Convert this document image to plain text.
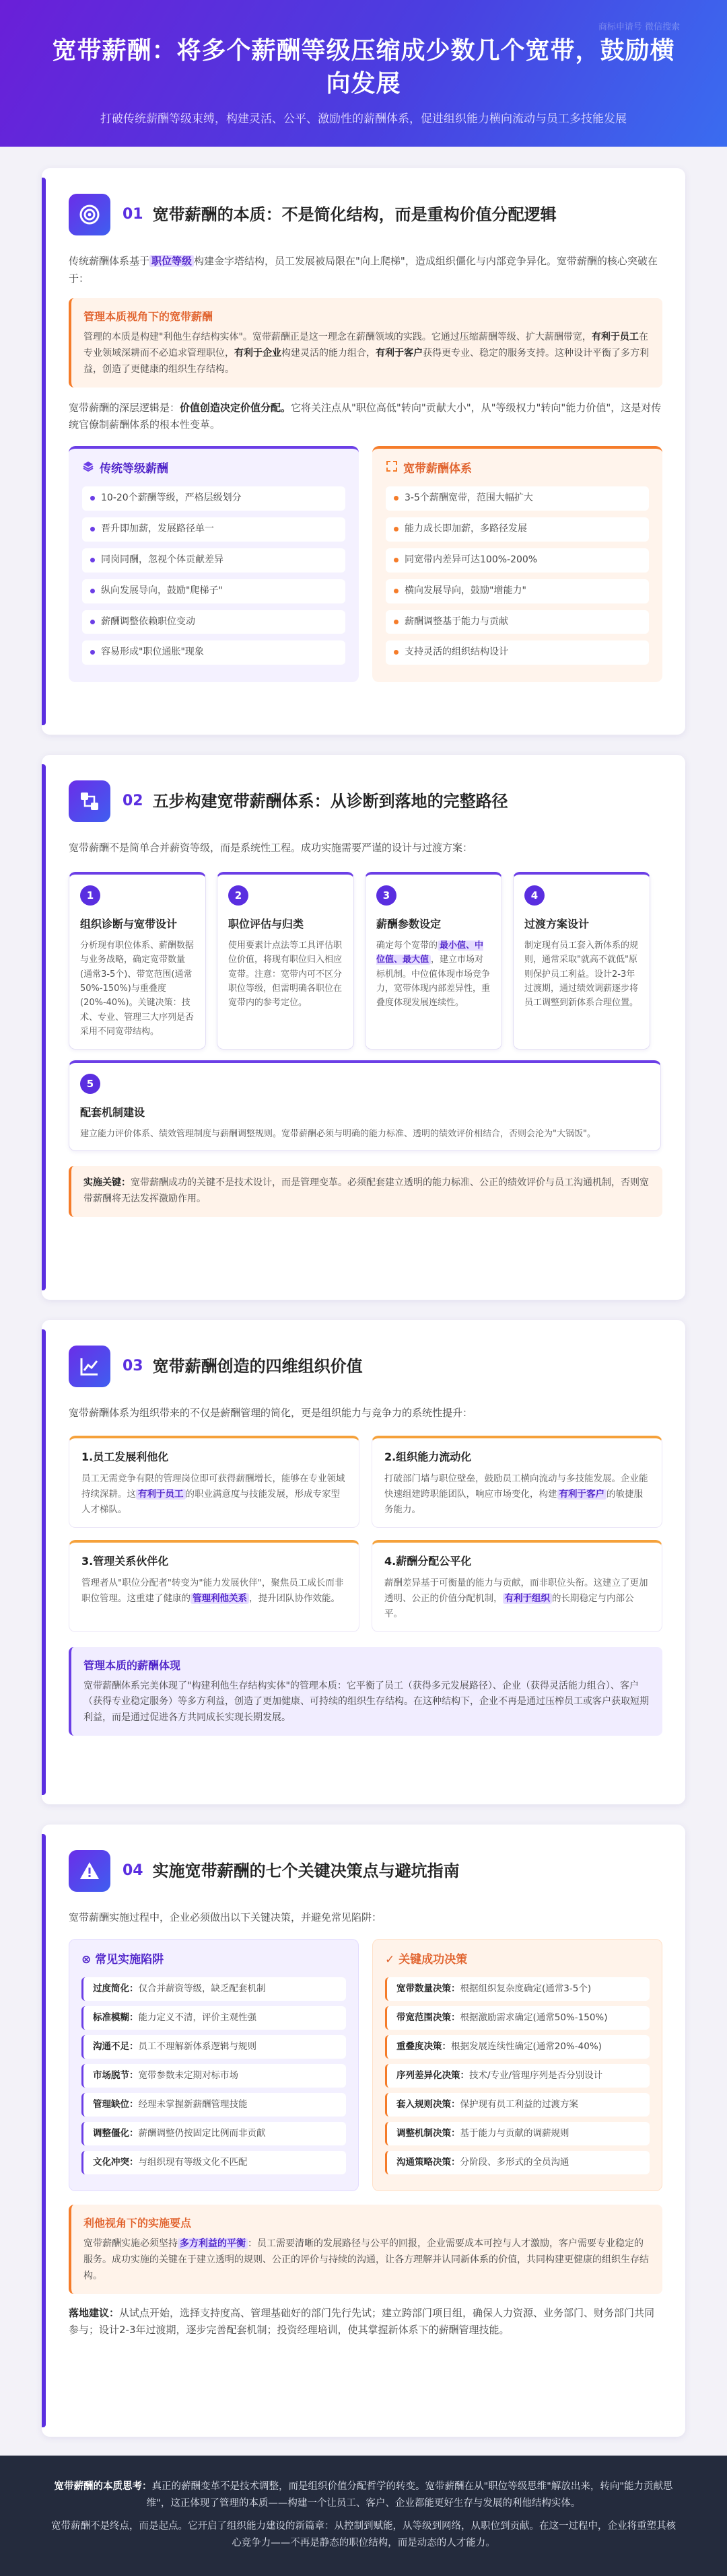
商标申请号 微信搜索
宽带薪酬：将多个薪酬等级压缩成少数几个宽带，鼓励横向发展
打破传统薪酬等级束缚，构建灵活、公平、激励性的薪酬体系，促进组织能力横向流动与员工多技能发展
01 宽带薪酬的本质：不是简化结构，而是重构价值分配逻辑

传统薪酬体系基于 职位等级 构建金字塔结构，员工发展被局限在"向上爬梯"，造成组织僵化与内部竞争异化。宽带薪酬的核心突破在于：

管理本质视角下的宽带薪酬

管理的本质是构建"利他生存结构实体"。宽带薪酬正是这一理念在薪酬领域的实践。它通过压缩薪酬等级、扩大薪酬带宽，有利于员工在专业领域深耕而不必追求管理职位，有利于企业构建灵活的能力组合，有利于客户获得更专业、稳定的服务支持。这种设计平衡了多方利益，创造了更健康的组织生存结构。

宽带薪酬的深层逻辑是：价值创造决定价值分配。它将关注点从"职位高低"转向"贡献大小"，从"等级权力"转向"能力价值"，这是对传统官僚制薪酬体系的根本性变革。

传统等级薪酬
10-20个薪酬等级，严格层级划分
晋升即加薪，发展路径单一
同岗同酬，忽视个体贡献差异
纵向发展导向，鼓励"爬梯子"
薪酬调整依赖职位变动
容易形成"职位通胀"现象
宽带薪酬体系
3-5个薪酬宽带，范围大幅扩大
能力成长即加薪，多路径发展
同宽带内差异可达100%-200%
横向发展导向，鼓励"增能力"
薪酬调整基于能力与贡献
支持灵活的组织结构设计
02 五步构建宽带薪酬体系：从诊断到落地的完整路径

宽带薪酬不是简单合并薪资等级，而是系统性工程。成功实施需要严谨的设计与过渡方案：

1
组织诊断与宽带设计

分析现有职位体系、薪酬数据与业务战略，确定宽带数量(通常3-5个)、带宽范围(通常50%-150%)与重叠度(20%-40%)。关键决策：技术、专业、管理三大序列是否采用不同宽带结构。

2
职位评估与归类

使用要素计点法等工具评估职位价值，将现有职位归入相应宽带。注意：宽带内可不区分职位等级，但需明确各职位在宽带内的参考定位。

3
薪酬参数设定

确定每个宽带的 最小值、中位值、最大值 ，建立市场对标机制。中位值体现市场竞争力，宽带体现内部差异性，重叠度体现发展连续性。

4
过渡方案设计

制定现有员工套入新体系的规则，通常采取"就高不就低"原则保护员工利益。设计2-3年过渡期，通过绩效调薪逐步将员工调整到新体系合理位置。

5
配套机制建设

建立能力评价体系、绩效管理制度与薪酬调整规则。宽带薪酬必须与明确的能力标准、透明的绩效评价相结合，否则会沦为"大锅饭"。

实施关键：宽带薪酬成功的关键不是技术设计，而是管理变革。必须配套建立透明的能力标准、公正的绩效评价与员工沟通机制，否则宽带薪酬将无法发挥激励作用。

03 宽带薪酬创造的四维组织价值

宽带薪酬体系为组织带来的不仅是薪酬管理的简化，更是组织能力与竞争力的系统性提升：

1.员工发展利他化

员工无需竞争有限的管理岗位即可获得薪酬增长，能够在专业领域持续深耕。这 有利于员工 的职业满意度与技能发展，形成专家型人才梯队。

2.组织能力流动化

打破部门墙与职位壁垒，鼓励员工横向流动与多技能发展。企业能快速组建跨职能团队，响应市场变化，构建 有利于客户 的敏捷服务能力。

3.管理关系伙伴化

管理者从"职位分配者"转变为"能力发展伙伴"，聚焦员工成长而非职位管理。这重建了健康的 管理利他关系 ，提升团队协作效能。

4.薪酬分配公平化

薪酬差异基于可衡量的能力与贡献，而非职位头衔。这建立了更加透明、公正的价值分配机制， 有利于组织 的长期稳定与内部公平。

管理本质的薪酬体现

宽带薪酬体系完美体现了"构建利他生存结构实体"的管理本质：它平衡了员工（获得多元发展路径）、企业（获得灵活能力组合）、客户（获得专业稳定服务）等多方利益，创造了更加健康、可持续的组织生存结构。在这种结构下，企业不再是通过压榨员工或客户获取短期利益，而是通过促进各方共同成长实现长期发展。

04 实施宽带薪酬的七个关键决策点与避坑指南

宽带薪酬实施过程中，企业必须做出以下关键决策，并避免常见陷阱：

⊗ 常见实施陷阱
过度简化：仅合并薪资等级，缺乏配套机制
标准模糊：能力定义不清，评价主观性强
沟通不足：员工不理解新体系逻辑与规则
市场脱节：宽带参数未定期对标市场
管理缺位：经理未掌握新薪酬管理技能
调整僵化：薪酬调整仍按固定比例而非贡献
文化冲突：与组织现有等级文化不匹配
✓ 关键成功决策
宽带数量决策：根据组织复杂度确定(通常3-5个)
带宽范围决策：根据激励需求确定(通常50%-150%)
重叠度决策：根据发展连续性确定(通常20%-40%)
序列差异化决策：技术/专业/管理序列是否分别设计
套入规则决策：保护现有员工利益的过渡方案
调整机制决策：基于能力与贡献的调薪规则
沟通策略决策：分阶段、多形式的全员沟通
利他视角下的实施要点

宽带薪酬实施必须坚持 多方利益的平衡 ：员工需要清晰的发展路径与公平的回报，企业需要成本可控与人才激励，客户需要专业稳定的服务。成功实施的关键在于建立透明的规则、公正的评价与持续的沟通，让各方理解并认同新体系的价值，共同构建更健康的组织生存结构。

落地建议：从试点开始，选择支持度高、管理基础好的部门先行先试；建立跨部门项目组，确保人力资源、业务部门、财务部门共同参与；设计2-3年过渡期，逐步完善配套机制；投资经理培训，使其掌握新体系下的薪酬管理技能。

宽带薪酬的本质思考：真正的薪酬变革不是技术调整，而是组织价值分配哲学的转变。宽带薪酬在从"职位等级思维"解放出来，转向"能力贡献思维"，这正体现了管理的本质——构建一个让员工、客户、企业都能更好生存与发展的利他结构实体。

宽带薪酬不是终点，而是起点。它开启了组织能力建设的新篇章：从控制到赋能，从等级到网络，从职位到贡献。在这一过程中，企业将重塑其核心竞争力——不再是静态的职位结构，而是动态的人才能力。
